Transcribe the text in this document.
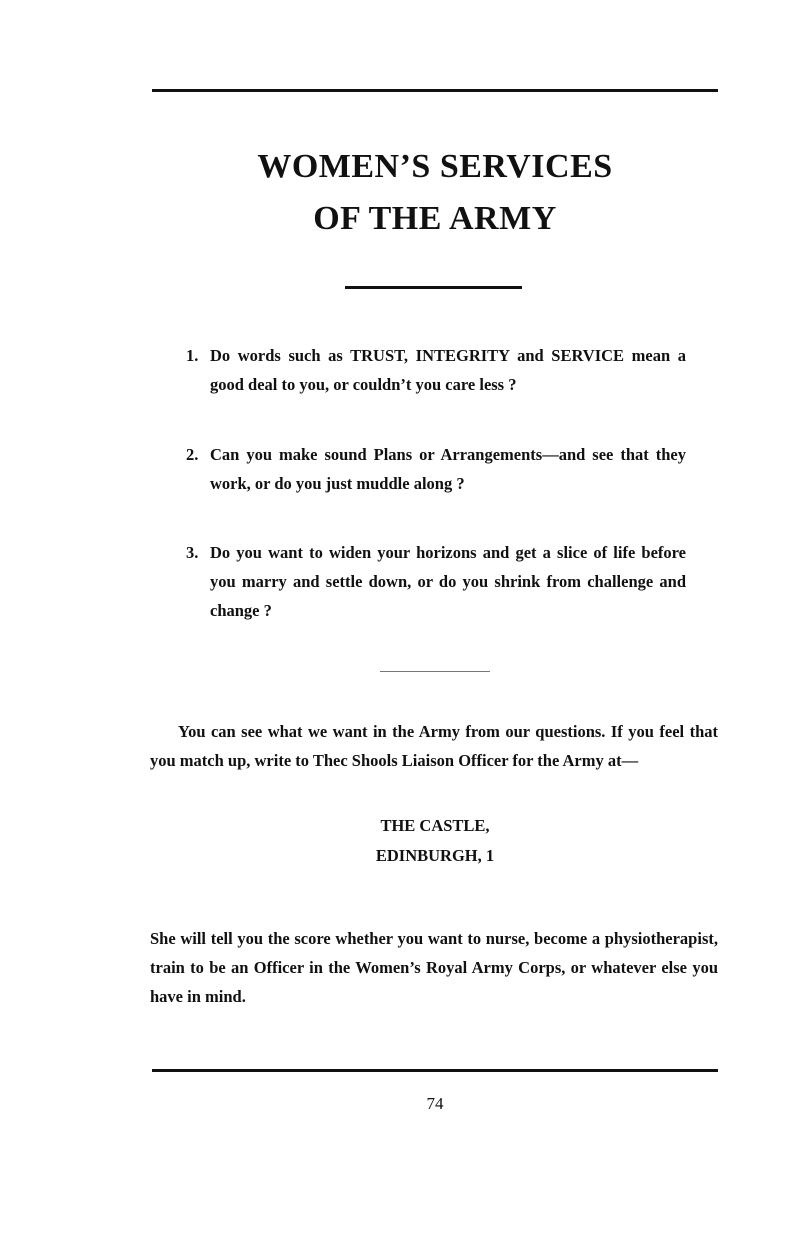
WOMEN’S SERVICES
OF THE ARMY
1. Do words such as TRUST, INTEGRITY and SERVICE mean a good deal to you, or couldn’t you care less ?
2. Can you make sound Plans or Arrangements—and see that they work, or do you just muddle along ?
3. Do you want to widen your horizons and get a slice of life before you marry and settle down, or do you shrink from challenge and change ?

You can see what we want in the Army from our questions. If you feel that you match up, write to Thec Shools Liaison Officer for the Army at—

THE CASTLE,

EDINBURGH, 1

She will tell you the score whether you want to nurse, become a physiotherapist, train to be an Officer in the Women’s Royal Army Corps, or whatever else you have in mind.

74
